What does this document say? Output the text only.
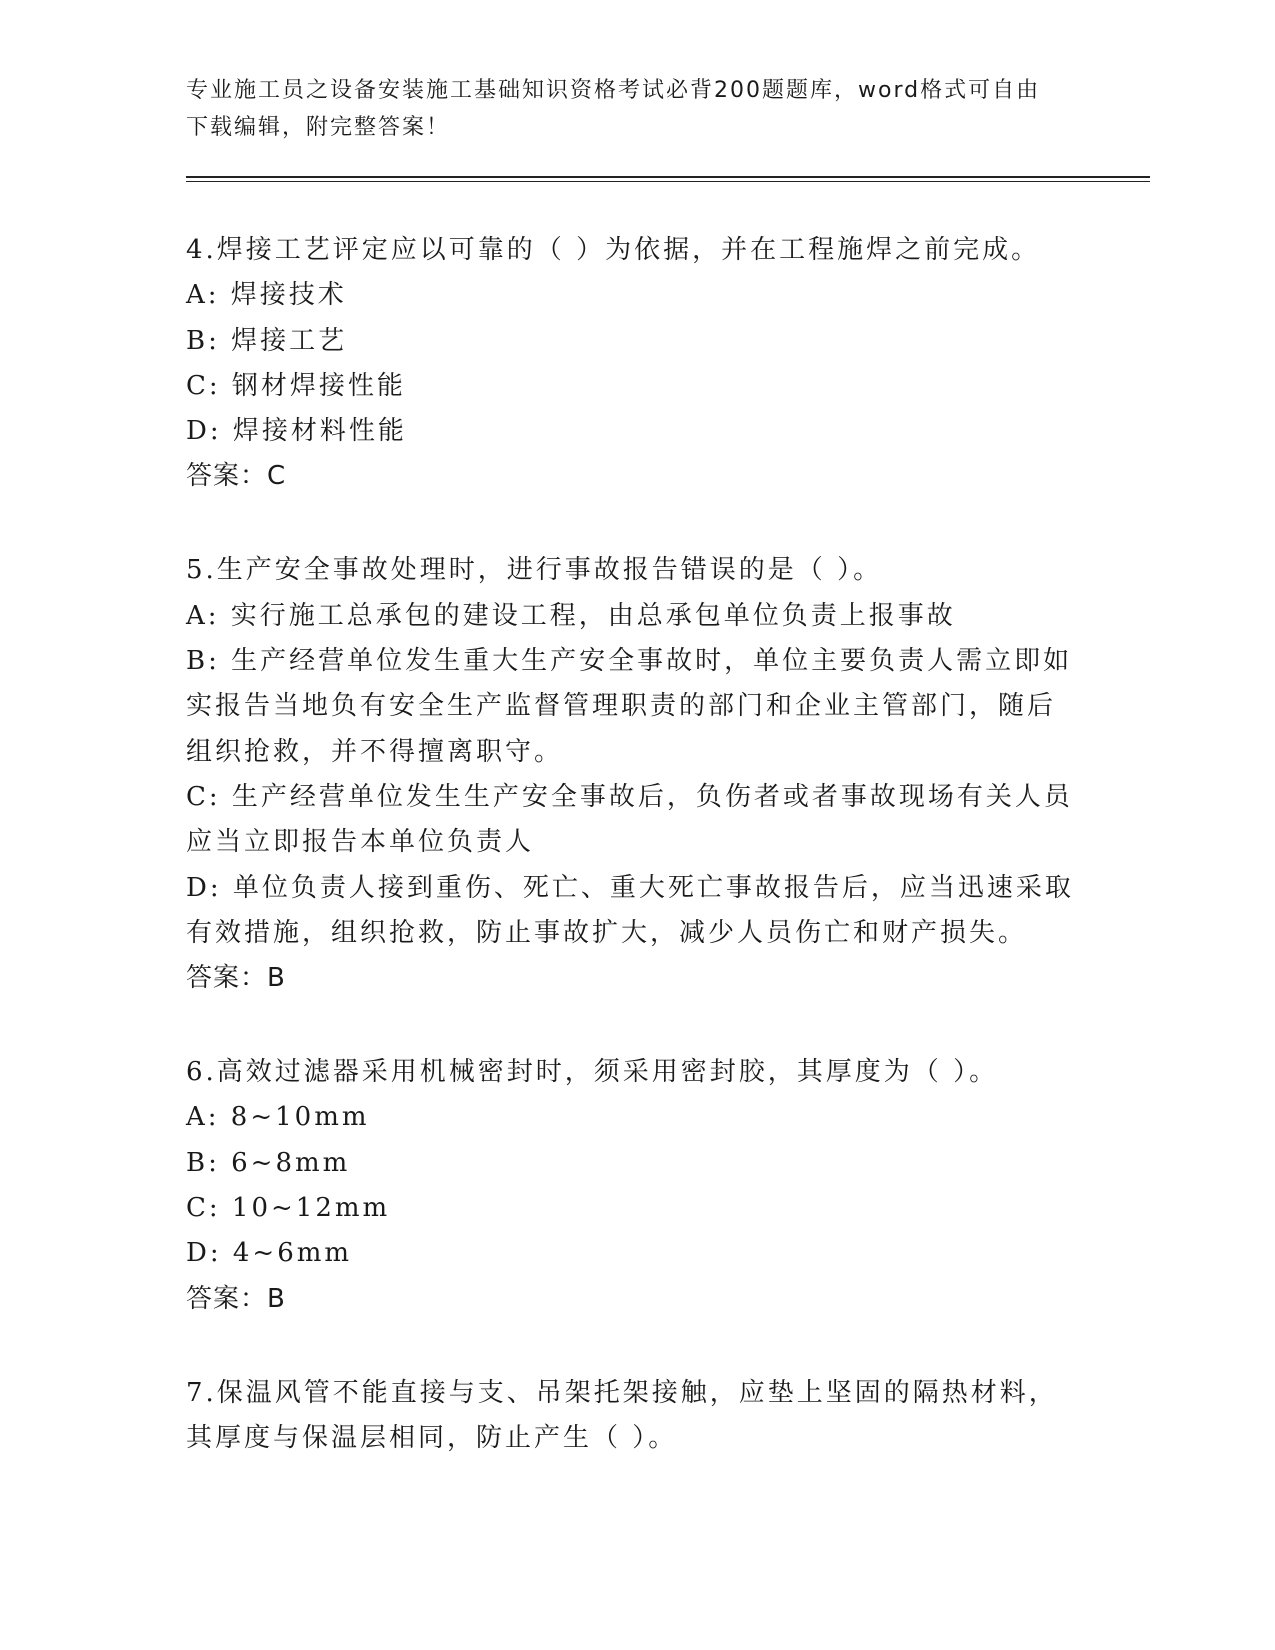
专业施工员之设备安装施工基础知识资格考试必背200题题库，word格式可自由
下载编辑，附完整答案！
4.焊接工艺评定应以可靠的（ ）为依据，并在工程施焊之前完成。
A: 焊接技术
B: 焊接工艺
C: 钢材焊接性能
D: 焊接材料性能
答案：C
5.生产安全事故处理时，进行事故报告错误的是（ ）。
A: 实行施工总承包的建设工程，由总承包单位负责上报事故
B: 生产经营单位发生重大生产安全事故时，单位主要负责人需立即如
实报告当地负有安全生产监督管理职责的部门和企业主管部门，随后
组织抢救，并不得擅离职守。
C: 生产经营单位发生生产安全事故后，负伤者或者事故现场有关人员
应当立即报告本单位负责人
D: 单位负责人接到重伤、死亡、重大死亡事故报告后，应当迅速采取
有效措施，组织抢救，防止事故扩大，减少人员伤亡和财产损失。
答案：B
6.高效过滤器采用机械密封时，须采用密封胶，其厚度为（ ）。
A: 8~10mm
B: 6~8mm
C: 10~12mm
D: 4~6mm
答案：B
7.保温风管不能直接与支、吊架托架接触，应垫上坚固的隔热材料，
其厚度与保温层相同，防止产生（ ）。
